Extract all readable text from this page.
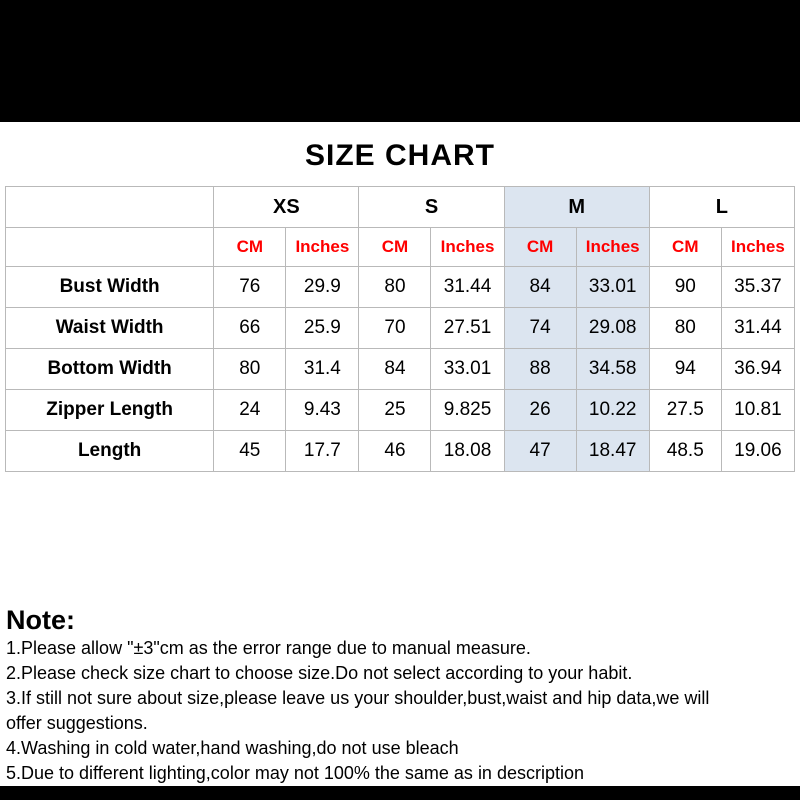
SIZE CHART
	XS		S		M		L	
	CM	Inches	CM	Inches	CM	Inches	CM	Inches
Bust Width	76	29.9	80	31.44	84	33.01	90	35.37
Waist Width	66	25.9	70	27.51	74	29.08	80	31.44
Bottom Width	80	31.4	84	33.01	88	34.58	94	36.94
Zipper Length	24	9.43	25	9.825	26	10.22	27.5	10.81
Length	45	17.7	46	18.08	47	18.47	48.5	19.06
Note:
1.Please allow "±3"cm as the error range due to manual measure.
2.Please check size chart to choose size.Do not select according to your habit.
3.If still not sure about size,please leave us your shoulder,bust,waist and hip data,we will
offer suggestions.
4.Washing in cold water,hand washing,do not use bleach
5.Due to different lighting,color may not 100% the same as in description
